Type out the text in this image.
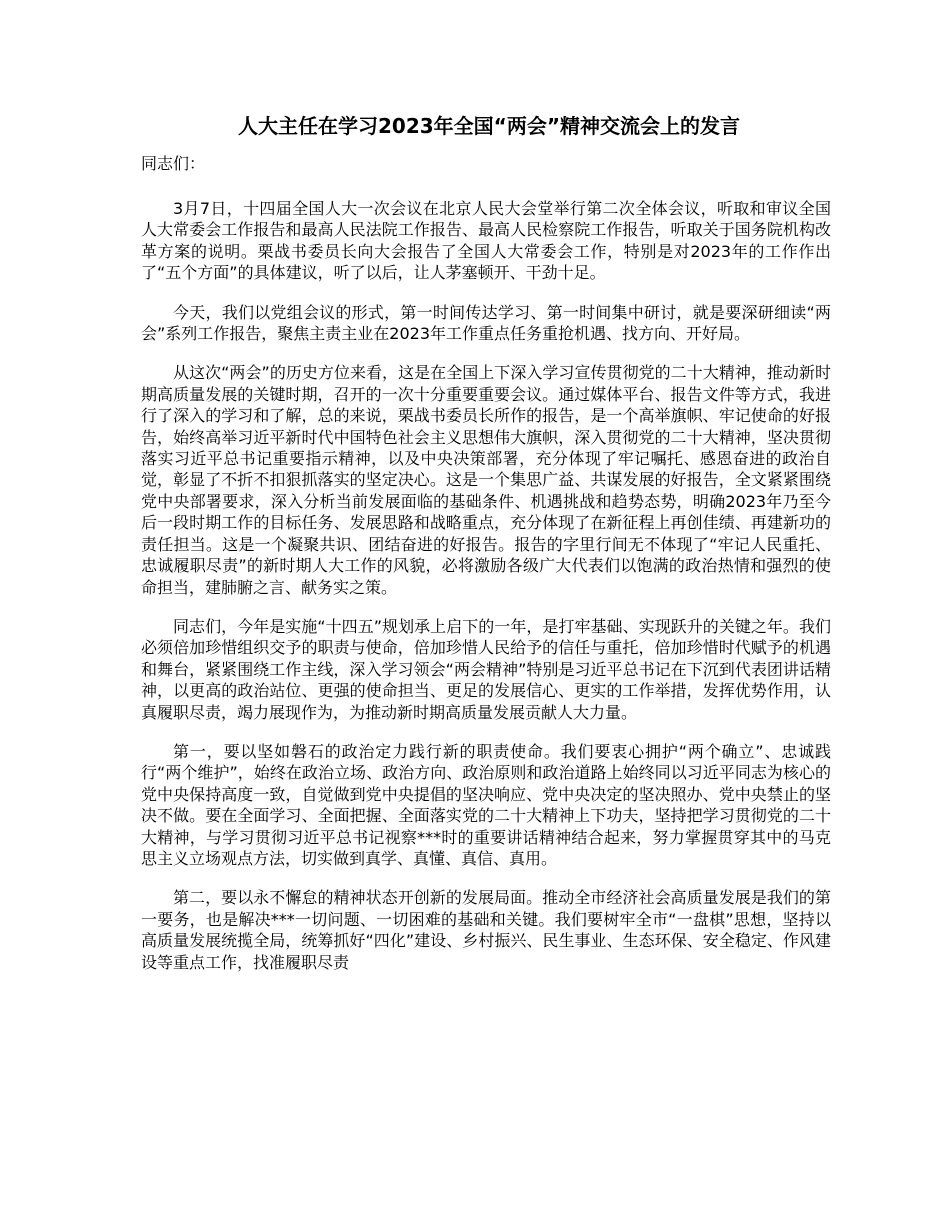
人大主任在学习2023年全国“两会”精神交流会上的发言

同志们：

3月7日，十四届全国人大一次会议在北京人民大会堂举行第二次全体会议，听取和审议全国人大常委会工作报告和最高人民法院工作报告、最高人民检察院工作报告，听取关于国务院机构改革方案的说明。栗战书委员长向大会报告了全国人大常委会工作，特别是对2023年的工作作出了“五个方面”的具体建议，听了以后，让人茅塞顿开、干劲十足。

今天，我们以党组会议的形式，第一时间传达学习、第一时间集中研讨，就是要深研细读“两会”系列工作报告，聚焦主责主业在2023年工作重点任务重抢机遇、找方向、开好局。

从这次“两会”的历史方位来看，这是在全国上下深入学习宣传贯彻党的二十大精神，推动新时期高质量发展的关键时期，召开的一次十分重要重要会议。通过媒体平台、报告文件等方式，我进行了深入的学习和了解，总的来说，栗战书委员长所作的报告，是一个高举旗帜、牢记使命的好报告，始终高举习近平新时代中国特色社会主义思想伟大旗帜，深入贯彻党的二十大精神，坚决贯彻落实习近平总书记重要指示精神，以及中央决策部署，充分体现了牢记嘱托、感恩奋进的政治自觉，彰显了不折不扣狠抓落实的坚定决心。这是一个集思广益、共谋发展的好报告，全文紧紧围绕党中央部署要求，深入分析当前发展面临的基础条件、机遇挑战和趋势态势，明确2023年乃至今后一段时期工作的目标任务、发展思路和战略重点，充分体现了在新征程上再创佳绩、再建新功的责任担当。这是一个凝聚共识、团结奋进的好报告。报告的字里行间无不体现了“牢记人民重托、忠诚履职尽责”的新时期人大工作的风貌，必将激励各级广大代表们以饱满的政治热情和强烈的使命担当，建肺腑之言、献务实之策。

同志们，今年是实施“十四五”规划承上启下的一年，是打牢基础、实现跃升的关键之年。我们必须倍加珍惜组织交予的职责与使命，倍加珍惜人民给予的信任与重托，倍加珍惜时代赋予的机遇和舞台，紧紧围绕工作主线，深入学习领会“两会精神”特别是习近平总书记在下沉到代表团讲话精神，以更高的政治站位、更强的使命担当、更足的发展信心、更实的工作举措，发挥优势作用，认真履职尽责，竭力展现作为，为推动新时期高质量发展贡献人大力量。

第一，要以坚如磐石的政治定力践行新的职责使命。我们要衷心拥护“两个确立”、忠诚践行“两个维护”，始终在政治立场、政治方向、政治原则和政治道路上始终同以习近平同志为核心的党中央保持高度一致，自觉做到党中央提倡的坚决响应、党中央决定的坚决照办、党中央禁止的坚决不做。要在全面学习、全面把握、全面落实党的二十大精神上下功夫，坚持把学习贯彻党的二十大精神，与学习贯彻习近平总书记视察***时的重要讲话精神结合起来，努力掌握贯穿其中的马克思主义立场观点方法，切实做到真学、真懂、真信、真用。

第二，要以永不懈怠的精神状态开创新的发展局面。推动全市经济社会高质量发展是我们的第一要务，也是解决***一切问题、一切困难的基础和关键。我们要树牢全市“一盘棋”思想，坚持以高质量发展统揽全局，统筹抓好“四化”建设、乡村振兴、民生事业、生态环保、安全稳定、作风建设等重点工作，找准履职尽责
